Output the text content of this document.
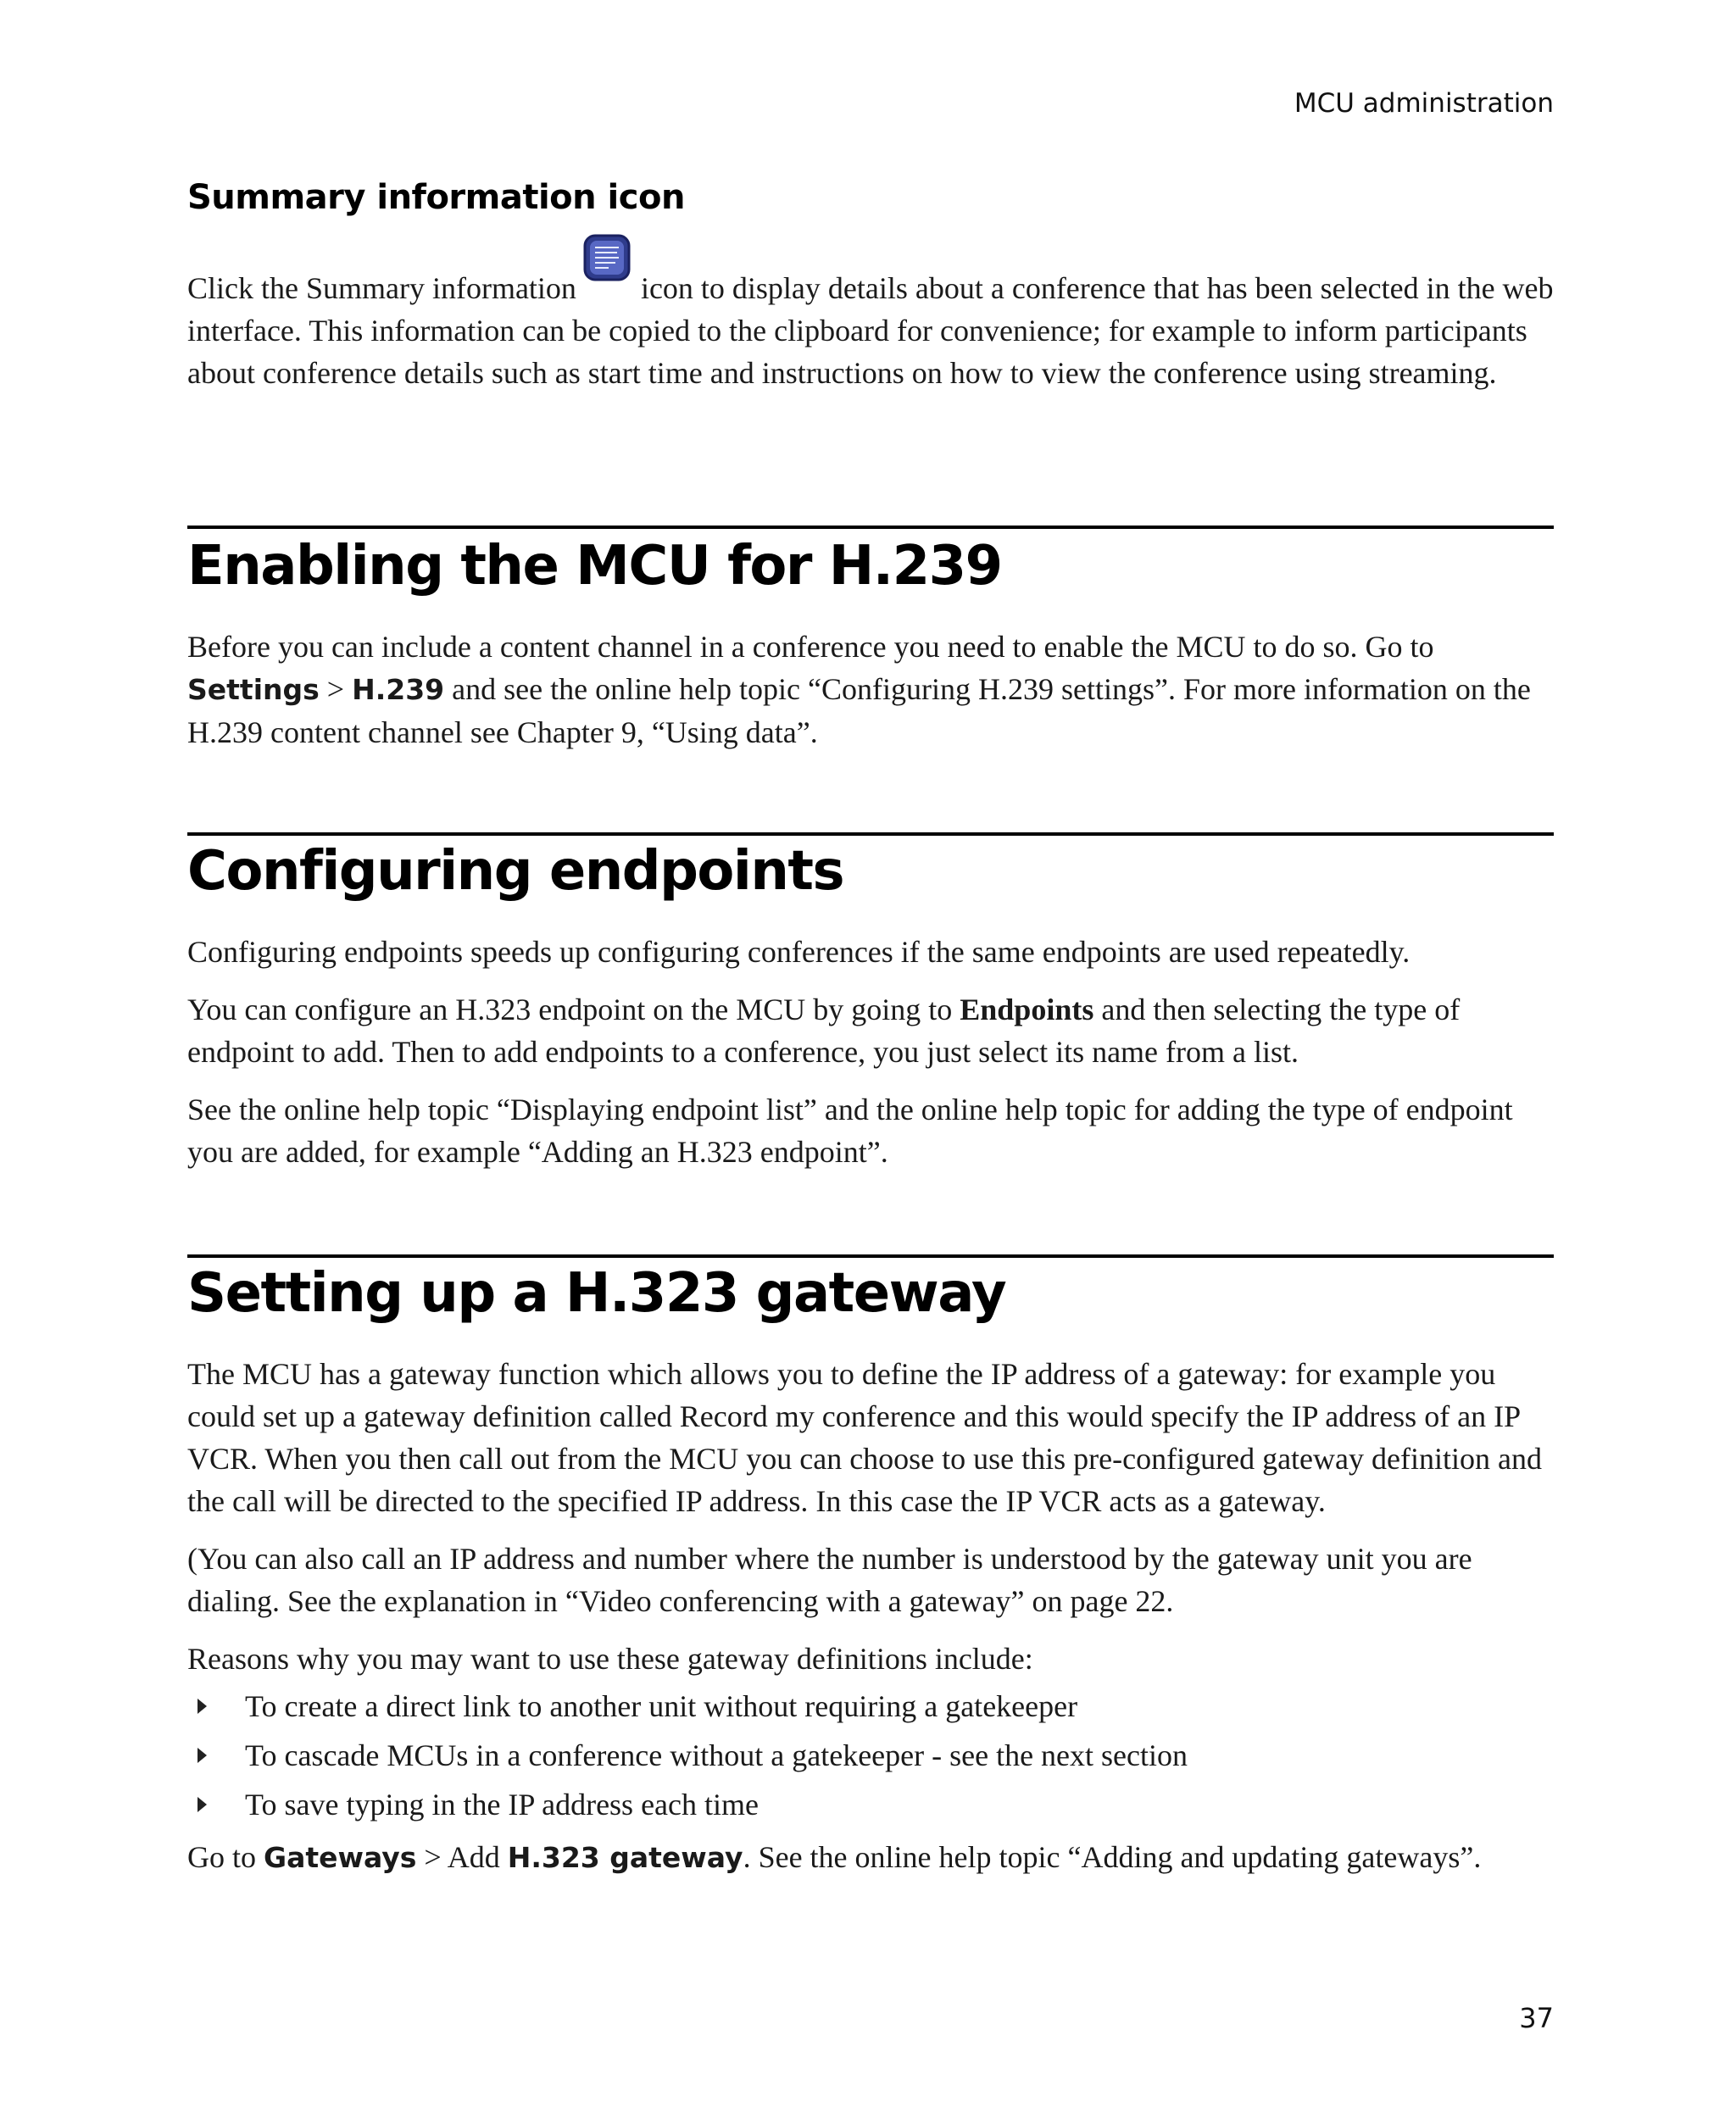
MCU administration
Summary information icon

Click the Summary information icon to display details about a conference that has been selected in the web interface. This information can be copied to the clipboard for convenience; for example to inform participants about conference details such as start time and instructions on how to view the conference using streaming.

Enabling the MCU for H.239

Before you can include a content channel in a conference you need to enable the MCU to do so. Go to Settings > H.239 and see the online help topic “Configuring H.239 settings”. For more information on the H.239 content channel see Chapter 9, “Using data”.

Configuring endpoints

Configuring endpoints speeds up configuring conferences if the same endpoints are used repeatedly.

You can configure an H.323 endpoint on the MCU by going to Endpoints and then selecting the type of endpoint to add. Then to add endpoints to a conference, you just select its name from a list.

See the online help topic “Displaying endpoint list” and the online help topic for adding the type of endpoint you are added, for example “Adding an H.323 endpoint”.

Setting up a H.323 gateway

The MCU has a gateway function which allows you to define the IP address of a gateway: for example you could set up a gateway definition called Record my conference and this would specify the IP address of an IP VCR. When you then call out from the MCU you can choose to use this pre-configured gateway definition and the call will be directed to the specified IP address. In this case the IP VCR acts as a gateway.

(You can also call an IP address and number where the number is understood by the gateway unit you are dialing. See the explanation in “Video conferencing with a gateway” on page 22.

Reasons why you may want to use these gateway definitions include:

To create a direct link to another unit without requiring a gatekeeper
To cascade MCUs in a conference without a gatekeeper - see the next section
To save typing in the IP address each time

Go to Gateways > Add H.323 gateway. See the online help topic “Adding and updating gateways”.

37
